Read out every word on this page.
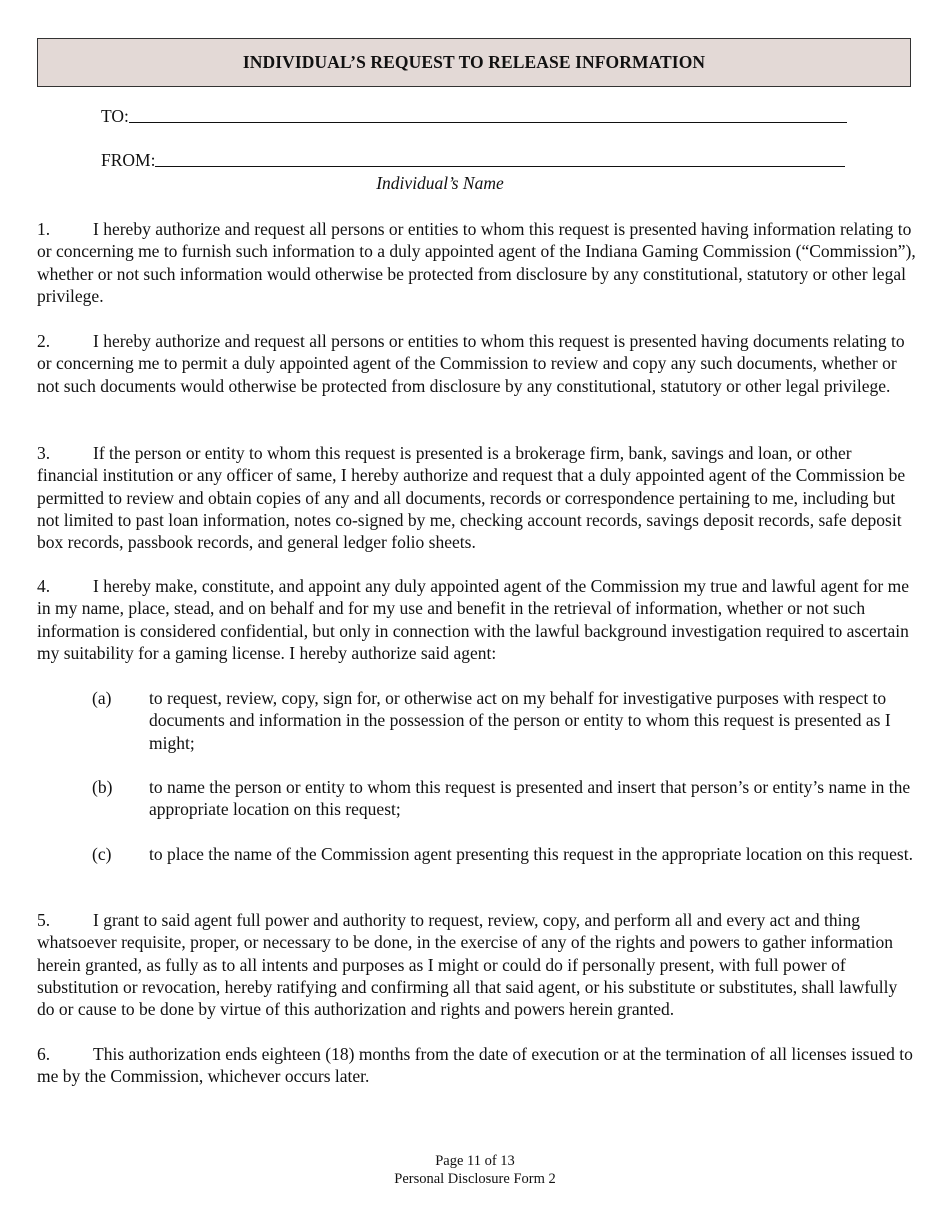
INDIVIDUAL’S REQUEST TO RELEASE INFORMATION
TO:
FROM:
Individual’s Name

1. I hereby authorize and request all persons or entities to whom this request is presented having information relating to or concerning me to furnish such information to a duly appointed agent of the Indiana Gaming Commission (“Commission”), whether or not such information would otherwise be protected from disclosure by any constitutional, statutory or other legal privilege.

2. I hereby authorize and request all persons or entities to whom this request is presented having documents relating to or concerning me to permit a duly appointed agent of the Commission to review and copy any such documents, whether or not such documents would otherwise be protected from disclosure by any constitutional, statutory or other legal privilege.

3. If the person or entity to whom this request is presented is a brokerage firm, bank, savings and loan, or other financial institution or any officer of same, I hereby authorize and request that a duly appointed agent of the Commission be permitted to review and obtain copies of any and all documents, records or correspondence pertaining to me, including but not limited to past loan information, notes co-signed by me, checking account records, savings deposit records, safe deposit box records, passbook records, and general ledger folio sheets.

4. I hereby make, constitute, and appoint any duly appointed agent of the Commission my true and lawful agent for me in my name, place, stead, and on behalf and for my use and benefit in the retrieval of information, whether or not such information is considered confidential, but only in connection with the lawful background investigation required to ascertain my suitability for a gaming license. I hereby authorize said agent:

(a)	to request, review, copy, sign for, or otherwise act on my behalf for investigative purposes with respect to documents and information in the possession of the person or entity to whom this request is presented as I might;
(b)	to name the person or entity to whom this request is presented and insert that person’s or entity’s name in the appropriate location on this request;
(c)	to place the name of the Commission agent presenting this request in the appropriate location on this request.

5. I grant to said agent full power and authority to request, review, copy, and perform all and every act and thing whatsoever requisite, proper, or necessary to be done, in the exercise of any of the rights and powers to gather information herein granted, as fully as to all intents and purposes as I might or could do if personally present, with full power of substitution or revocation, hereby ratifying and confirming all that said agent, or his substitute or substitutes, shall lawfully do or cause to be done by virtue of this authorization and rights and powers herein granted.

6. This authorization ends eighteen (18) months from the date of execution or at the termination of all licenses issued to me by the Commission, whichever occurs later.

Page 11 of 13
Personal Disclosure Form 2
